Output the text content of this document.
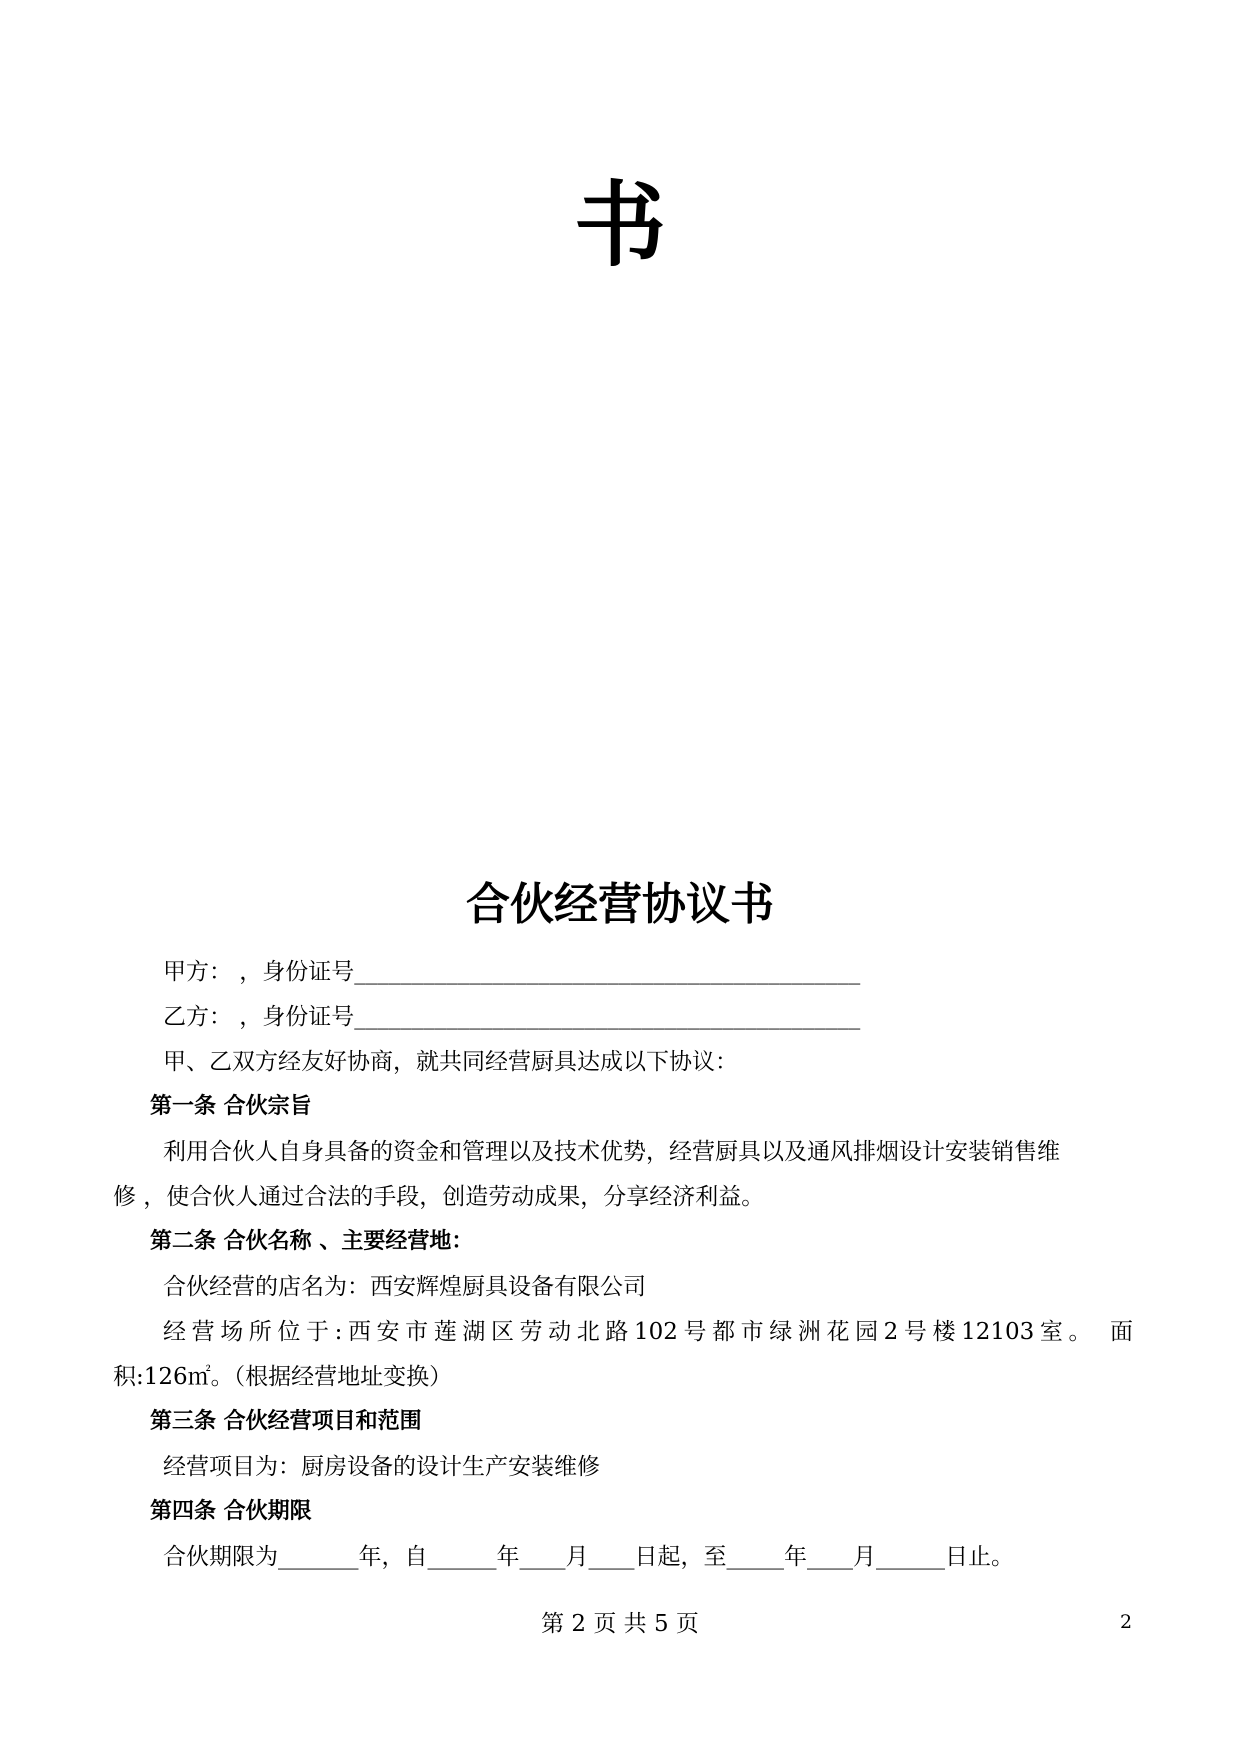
书
合伙经营协议书
甲方： ，身份证号____________________________________________
乙方： ，身份证号____________________________________________
甲、乙双方经友好协商，就共同经营厨具达成以下协议：
第一条 合伙宗旨
利用合伙人自身具备的资金和管理以及技术优势，经营厨具以及通风排烟设计安装销售维
修 ，使合伙人通过合法的手段，创造劳动成果，分享经济利益。
第二条 合伙名称 、主要经营地：
合伙经营的店名为：西安辉煌厨具设备有限公司
经营场所位于:西安市莲湖区劳动北路102号都市绿洲花园2号楼12103室。 面
积:126㎡。（根据经营地址变换）
第三条 合伙经营项目和范围
经营项目为：厨房设备的设计生产安装维修
第四条 合伙期限
合伙期限为_______年，自______年____月____日起，至_____年____月______日止。
第 2 页 共 5 页	2
